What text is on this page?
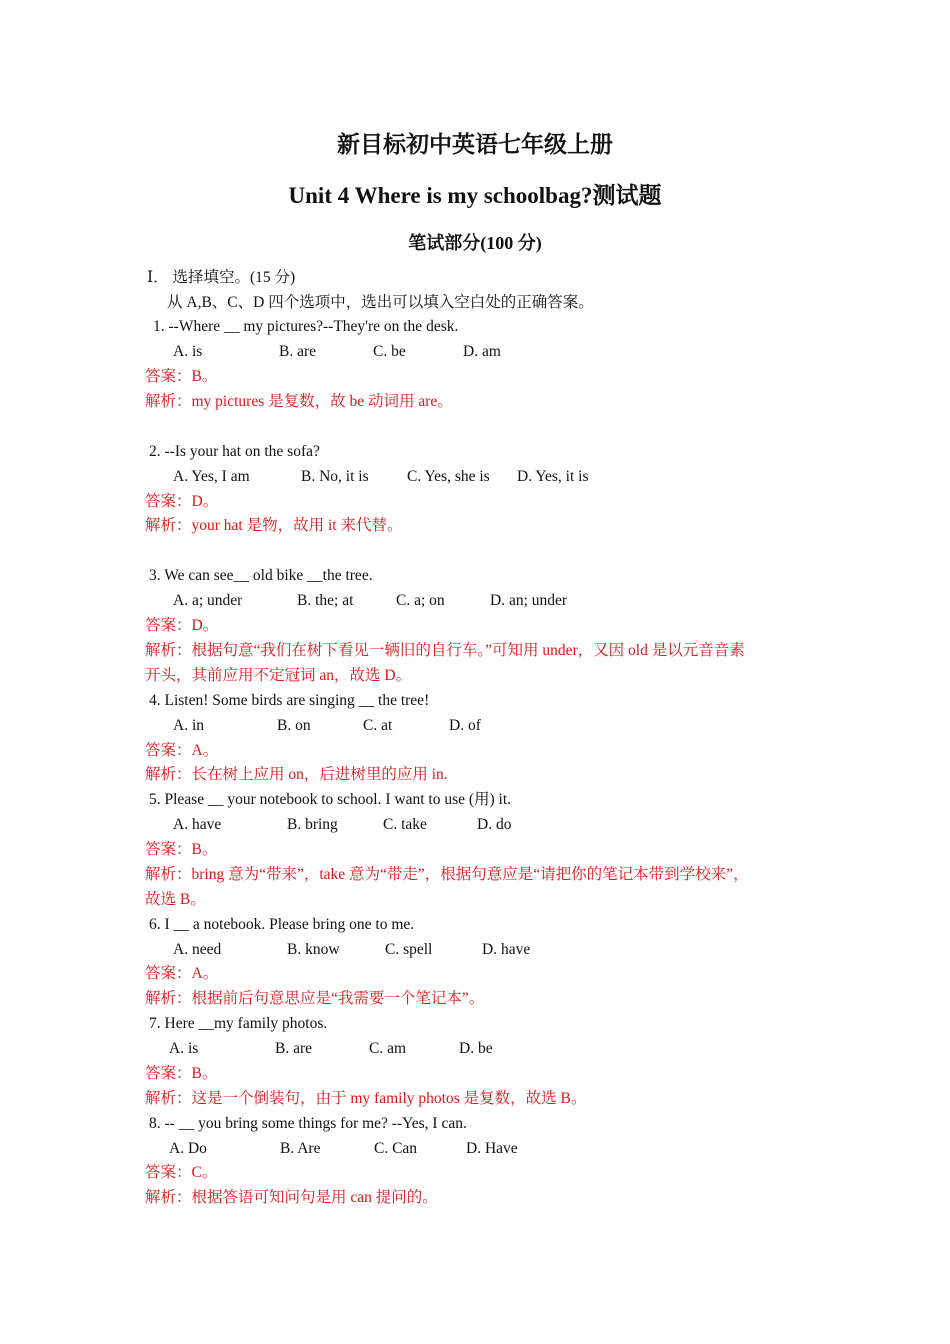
新目标初中英语七年级上册
Unit 4 Where is my schoolbag?测试题
笔试部分(100 分)
Ⅰ． 选择填空。(15 分)
从 A,B、C、D 四个选项中，选出可以填入空白处的正确答案。
1. --Where __ my pictures?--They're on the desk.
A. is	B. are	C. be	D. am
答案：B。
解析：my pictures 是复数，故 be 动词用 are。
2. --Is your hat on the sofa?
A. Yes, I am	B. No, it is C. Yes, she is D. Yes, it is
答案：D。
解析：your hat 是物，故用 it 来代替。
3. We can see__ old bike __the tree.
A. a; under	B. the; at	C. a; on	D. an; under
答案：D。
解析：根据句意“我们在树下看见一辆旧的自行车。”可知用 under，又因 old 是以元音音素
开头，其前应用不定冠词 an，故选 D。
4. Listen! Some birds are singing __ the tree!
A. in	B. on	C. at	D. of
答案：A。
解析：长在树上应用 on，后进树里的应用 in.
5. Please __ your notebook to school. I want to use (用) it.
A. have	B. bring	C. take	D. do
答案：B。
解析：bring 意为“带来”，take 意为“带走”，根据句意应是“请把你的笔记本带到学校来”，
故选 B。
6. I __ a notebook. Please bring one to me.
A. need	B. know	C. spell	D. have
答案：A。
解析：根据前后句意思应是“我需要一个笔记本”。
7. Here __my family photos.
A. is	B. are	C. am	D. be
答案：B。
解析：这是一个倒装句，由于 my family photos 是复数，故选 B。
8. -- __ you bring some things for me? --Yes, I can.
A. Do	B. Are	C. Can	D. Have
答案：C。
解析：根据答语可知问句是用 can 提问的。
